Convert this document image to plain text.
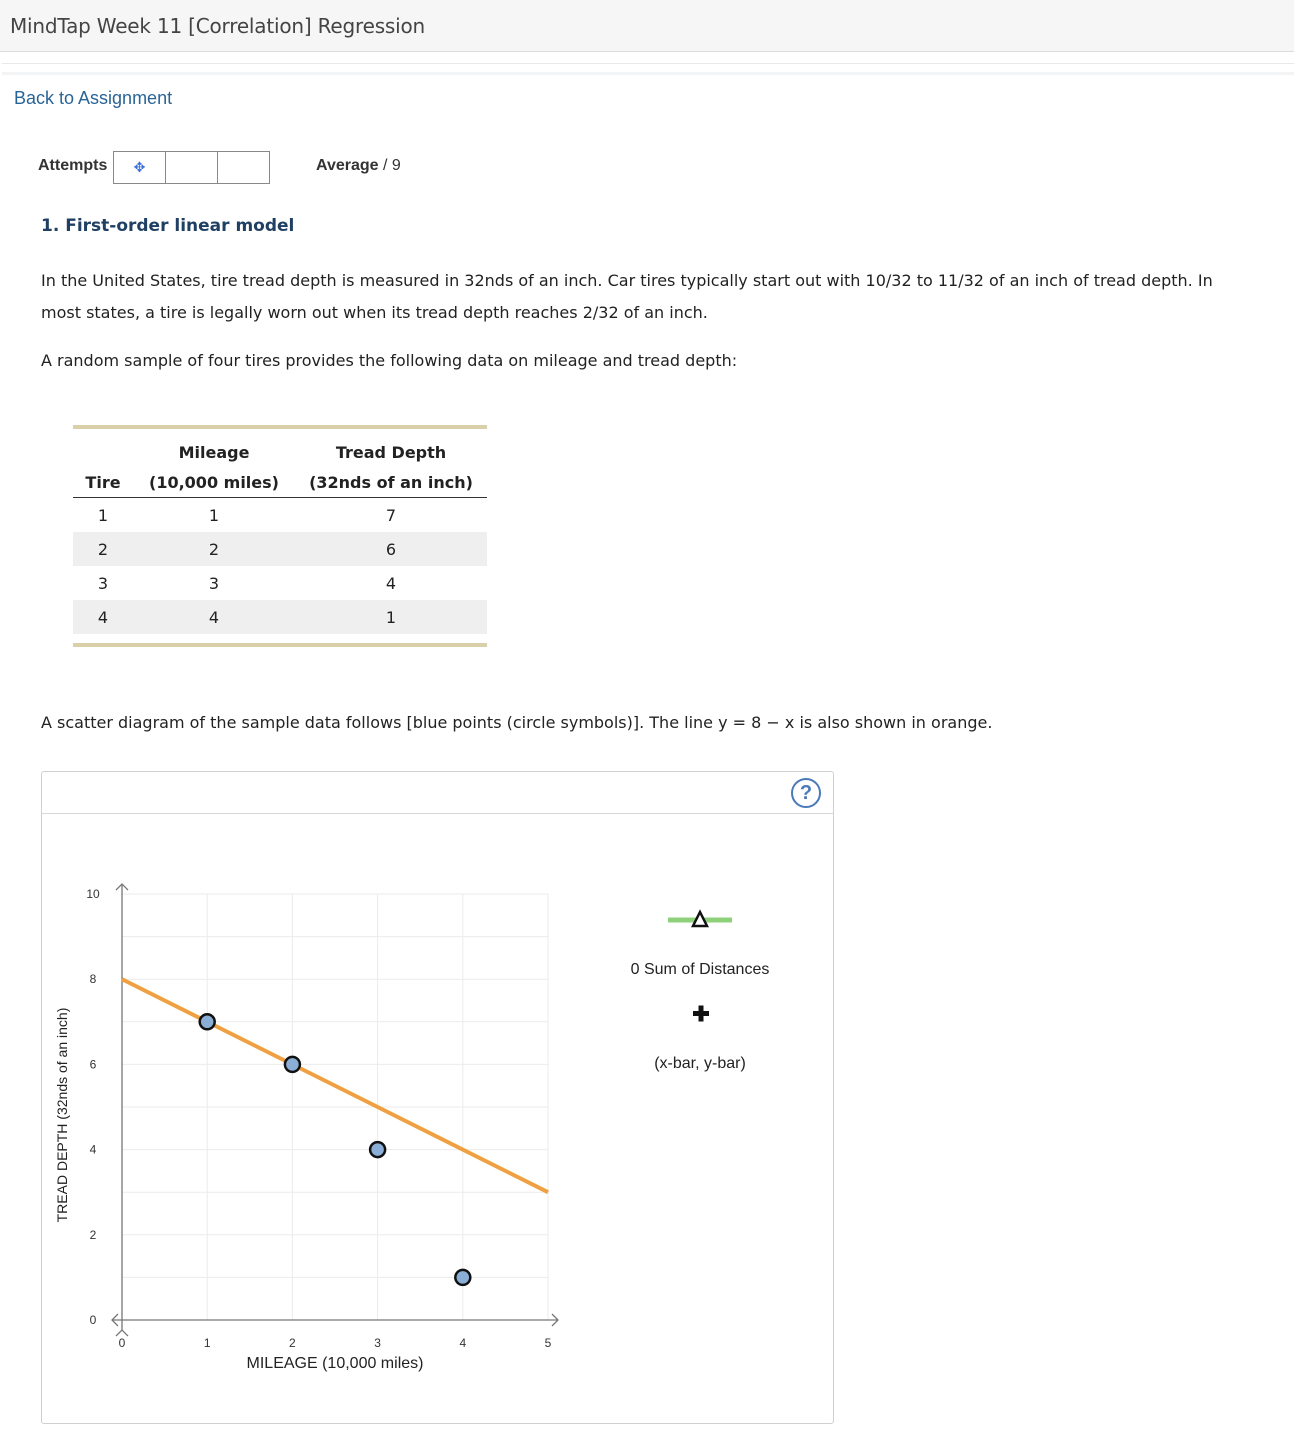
MindTap Week 11 [Correlation] Regression
Back to Assignment
Attempts ✥	Average / 9
1. First-order linear model
In the United States, tire tread depth is measured in 32nds of an inch. Car tires typically start out with 10/32 to 11/32 of an inch of tread depth. In most states, a tire is legally worn out when its tread depth reaches 2/32 of an inch.
A random sample of four tires provides the following data on mileage and tread depth:
	Mileage	Tread Depth
Tire	(10,000 miles)	(32nds of an inch)
1	1	7
2	2	6
3	3	4
4	4	1
A scatter diagram of the sample data follows [blue points (circle symbols)]. The line y = 8 − x is also shown in orange.
?
0	1	2	3	4	5
0
2
4
6
8
10
MILEAGE (10,000 miles)
TREAD DEPTH (32nds of an inch)
0 Sum of Distances
(x-bar, y-bar)
